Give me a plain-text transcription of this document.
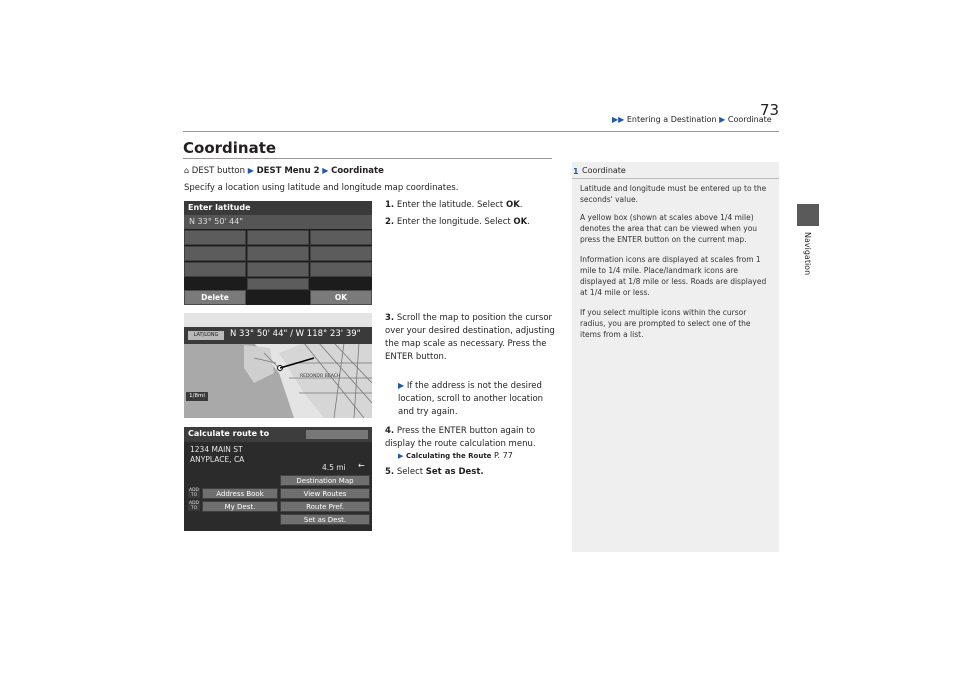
73
▶▶ Entering a Destination ▶ Coordinate
Navigation
Coordinate
⌂ DEST button ▶ DEST Menu 2 ▶ Coordinate
Specify a location using latitude and longitude map coordinates.
1. Enter the latitude. Select OK.
2. Enter the longitude. Select OK.
3. Scroll the map to position the cursor over your desired destination, adjusting the map scale as necessary. Press the ENTER button.
▶ If the address is not the desired location, scroll to another location and try again.
4. Press the ENTER button again to display the route calculation menu.
▶ Calculating the Route P. 77
5. Select Set as Dest.
Enter latitude
N 33° 50' 44"
Delete	OK
LAT/LONG	N 33° 50' 44" / W 118° 23' 39"
1/8mi
REDONDO BEACH
Calculate route to
1234 MAIN ST
ANYPLACE, CA
4.5 mi ←
Destination Map
ADD TO	Address Book	View Routes
ADD TO	My Dest.	Route Pref.
Set as Dest.
1 Coordinate
Latitude and longitude must be entered up to the seconds' value.
A yellow box (shown at scales above 1/4 mile) denotes the area that can be viewed when you press the ENTER button on the current map.
Information icons are displayed at scales from 1 mile to 1/4 mile. Place/landmark icons are displayed at 1/8 mile or less. Roads are displayed at 1/4 mile or less.
If you select multiple icons within the cursor radius, you are prompted to select one of the items from a list.
